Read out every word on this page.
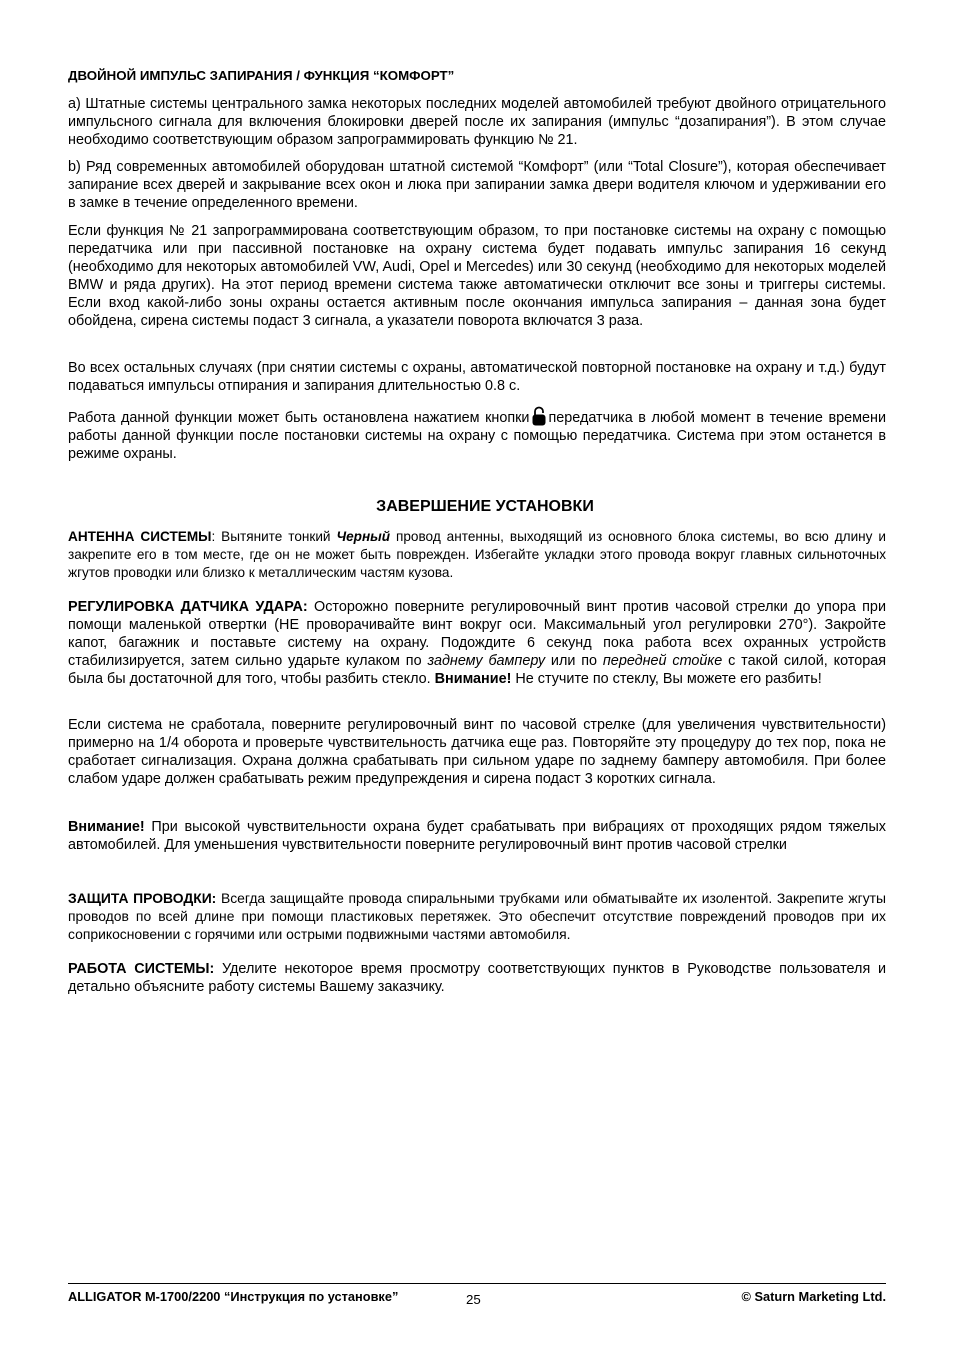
ДВОЙНОЙ ИМПУЛЬС ЗАПИРАНИЯ / ФУНКЦИЯ “КОМФОРТ”

a) Штатные системы центрального замка некоторых последних моделей автомобилей требуют двойного отрицательного импульсного сигнала для включения блокировки дверей после их запирания (импульс “дозапирания”). В этом случае необходимо соответствующим образом запрограммировать функцию № 21.

b) Ряд современных автомобилей оборудован штатной системой “Комфорт” (или “Total Closure”), которая обеспечивает запирание всех дверей и закрывание всех окон и люка при запирании замка двери водителя ключом и удерживании его в замке в течение определенного времени.

Если функция № 21 запрограммирована соответствующим образом, то при постановке системы на охрану с помощью передатчика или при пассивной постановке на охрану система будет подавать импульс запирания 16 секунд (необходимо для некоторых автомобилей VW, Audi, Opel и Mercedes) или 30 секунд (необходимо для некоторых моделей BMW и ряда других). На этот период времени система также автоматически отключит все зоны и триггеры системы. Если вход какой-либо зоны охраны остается активным после окончания импульса запирания – данная зона будет обойдена, сирена системы подаст 3 сигнала, а указатели поворота включатся 3 раза.

Во всех остальных случаях (при снятии системы с охраны, автоматической повторной постановке на охрану и т.д.) будут подаваться импульсы отпирания и запирания длительностью 0.8 с.

Работа данной функции может быть остановлена нажатием кнопки передатчика в любой момент в течение времени работы данной функции после постановки системы на охрану с помощью передатчика. Система при этом останется в режиме охраны.

ЗАВЕРШЕНИЕ УСТАНОВКИ

АНТЕННА СИСТЕМЫ: Вытяните тонкий Черный провод антенны, выходящий из основного блока системы, во всю длину и закрепите его в том месте, где он не может быть поврежден. Избегайте укладки этого провода вокруг главных сильноточных жгутов проводки или близко к металлическим частям кузова.

РЕГУЛИРОВКА ДАТЧИКА УДАРА: Осторожно поверните регулировочный винт против часовой стрелки до упора при помощи маленькой отвертки (НЕ проворачивайте винт вокруг оси. Максимальный угол регулировки 270°). Закройте капот, багажник и поставьте систему на охрану. Подождите 6 секунд пока работа всех охранных устройств стабилизируется, затем сильно ударьте кулаком по заднему бамперу или по передней стойке с такой силой, которая была бы достаточной для того, чтобы разбить стекло. Внимание! Не стучите по стеклу, Вы можете его разбить!

Если система не сработала, поверните регулировочный винт по часовой стрелке (для увеличения чувствительности) примерно на 1/4 оборота и проверьте чувствительность датчика еще раз. Повторяйте эту процедуру до тех пор, пока не сработает сигнализация. Охрана должна срабатывать при сильном ударе по заднему бамперу автомобиля. При более слабом ударе должен срабатывать режим предупреждения и сирена подаст 3 коротких сигнала.

Внимание! При высокой чувствительности охрана будет срабатывать при вибрациях от проходящих рядом тяжелых автомобилей. Для уменьшения чувствительности поверните регулировочный винт против часовой стрелки

ЗАЩИТА ПРОВОДКИ: Всегда защищайте провода спиральными трубками или обматывайте их изолентой. Закрепите жгуты проводов по всей длине при помощи пластиковых перетяжек. Это обеспечит отсутствие повреждений проводов при их соприкосновении с горячими или острыми подвижными частями автомобиля.

РАБОТА СИСТЕМЫ: Уделите некоторое время просмотру соответствующих пунктов в Руководстве пользователя и детально объясните работу системы Вашему заказчику.

ALLIGATOR M-1700/2200 “Инструкция по установке”	25	© Saturn Marketing Ltd.
